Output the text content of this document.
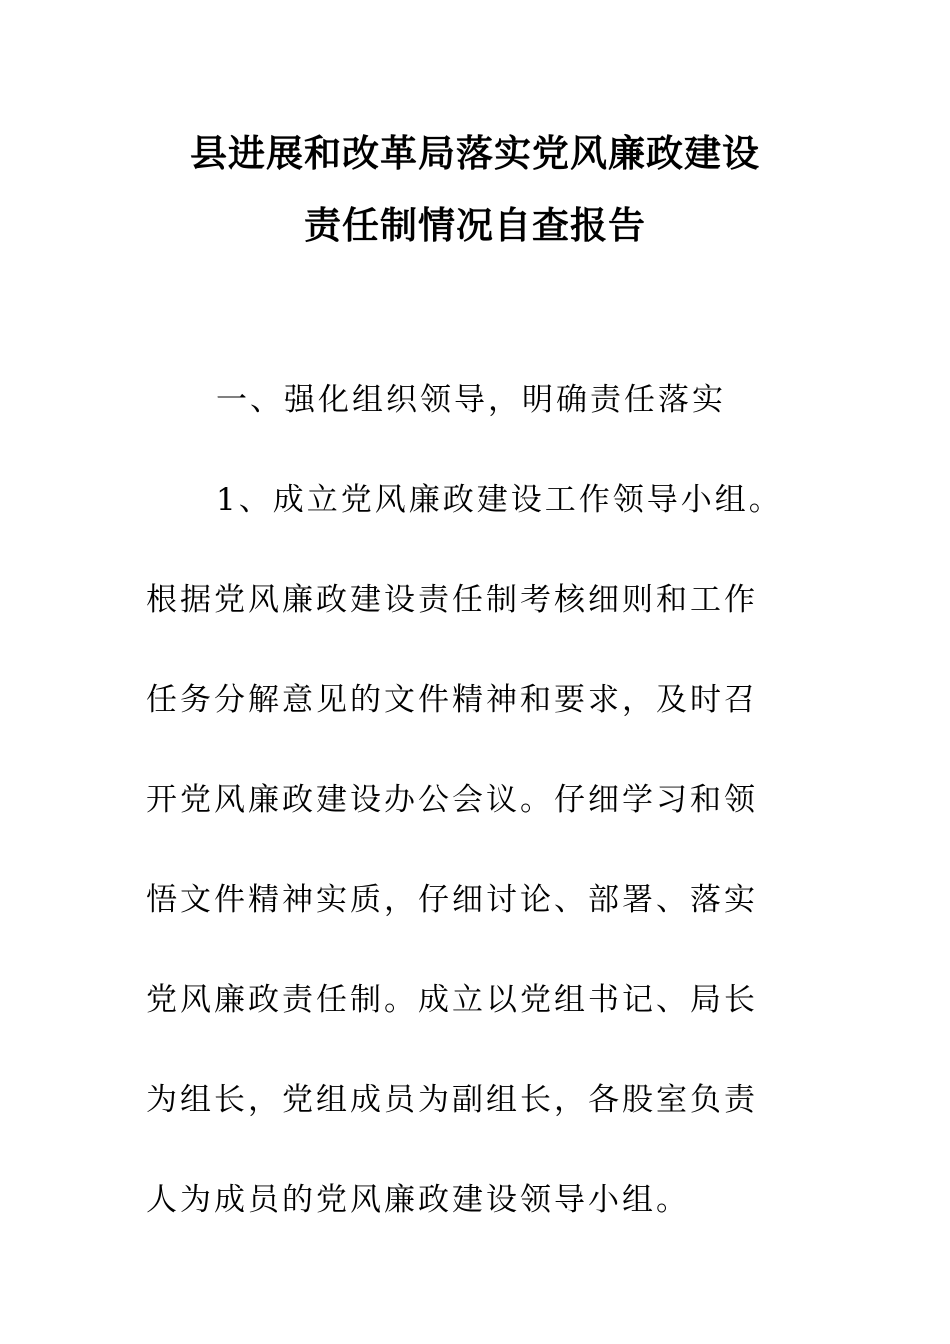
县进展和改革局落实党风廉政建设
责任制情况自查报告
一、强化组织领导，明确责任落实
1、成立党风廉政建设工作领导小组。
根据党风廉政建设责任制考核细则和工作
任务分解意见的文件精神和要求，及时召
开党风廉政建设办公会议。仔细学习和领
悟文件精神实质，仔细讨论、部署、落实
党风廉政责任制。成立以党组书记、局长
为组长，党组成员为副组长，各股室负责
人为成员的党风廉政建设领导小组。
